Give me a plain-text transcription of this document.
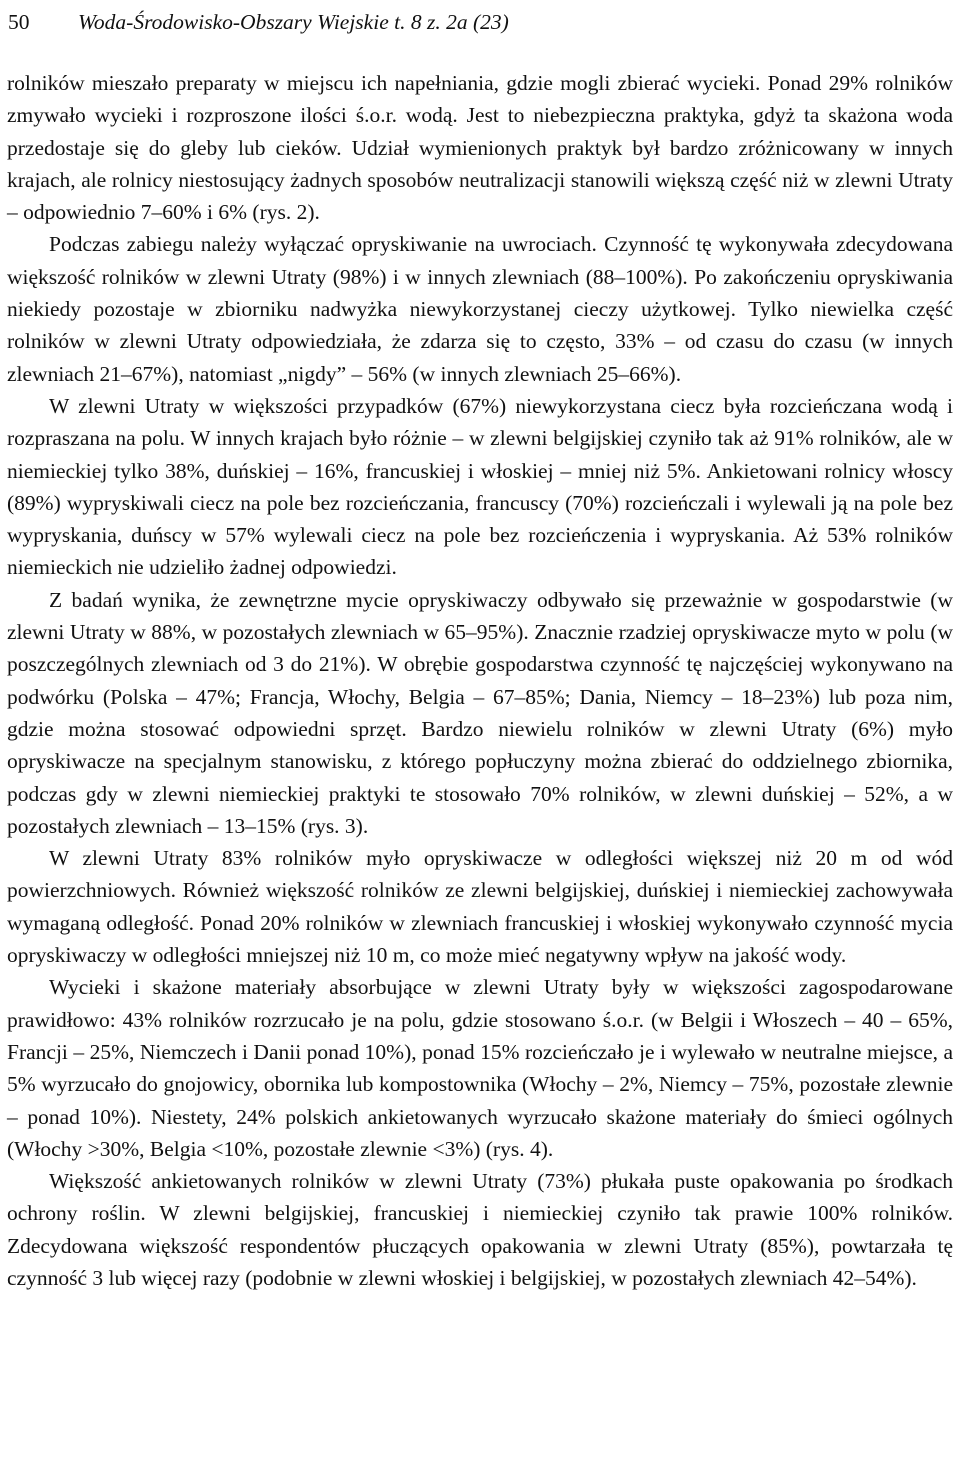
50 Woda-Środowisko-Obszary Wiejskie t. 8 z. 2a (23)

rolników mieszało preparaty w miejscu ich napełniania, gdzie mogli zbierać wycieki. Ponad 29% rolników zmywało wycieki i rozproszone ilości ś.o.r. wodą. Jest to niebezpieczna praktyka, gdyż ta skażona woda przedostaje się do gleby lub cieków. Udział wymienionych praktyk był bardzo zróżnicowany w innych krajach, ale rolnicy niestosujący żadnych sposobów neutralizacji stanowili większą część niż w zlewni Utraty – odpowiednio 7–60% i 6% (rys. 2).

Podczas zabiegu należy wyłączać opryskiwanie na uwrociach. Czynność tę wykonywała zdecydowana większość rolników w zlewni Utraty (98%) i w innych zlewniach (88–100%). Po zakończeniu opryskiwania niekiedy pozostaje w zbiorniku nadwyżka niewykorzystanej cieczy użytkowej. Tylko niewielka część rolników w zlewni Utraty odpowiedziała, że zdarza się to często, 33% – od czasu do czasu (w innych zlewniach 21–67%), natomiast „nigdy” – 56% (w innych zlewniach 25–66%).

W zlewni Utraty w większości przypadków (67%) niewykorzystana ciecz była rozcieńczana wodą i rozpraszana na polu. W innych krajach było różnie – w zlewni belgijskiej czyniło tak aż 91% rolników, ale w niemieckiej tylko 38%, duńskiej – 16%, francuskiej i włoskiej – mniej niż 5%. Ankietowani rolnicy włoscy (89%) wypryskiwali ciecz na pole bez rozcieńczania, francuscy (70%) rozcieńczali i wylewali ją na pole bez wypryskania, duńscy w 57% wylewali ciecz na pole bez rozcieńczenia i wypryskania. Aż 53% rolników niemieckich nie udzieliło żadnej odpowiedzi.

Z badań wynika, że zewnętrzne mycie opryskiwaczy odbywało się przeważnie w gospodarstwie (w zlewni Utraty w 88%, w pozostałych zlewniach w 65–95%). Znacznie rzadziej opryskiwacze myto w polu (w poszczególnych zlewniach od 3 do 21%). W obrębie gospodarstwa czynność tę najczęściej wykonywano na podwórku (Polska – 47%; Francja, Włochy, Belgia – 67–85%; Dania, Niemcy – 18–23%) lub poza nim, gdzie można stosować odpowiedni sprzęt. Bardzo niewielu rolników w zlewni Utraty (6%) myło opryskiwacze na specjalnym stanowisku, z którego popłuczyny można zbierać do oddzielnego zbiornika, podczas gdy w zlewni niemieckiej praktyki te stosowało 70% rolników, w zlewni duńskiej – 52%, a w pozostałych zlewniach – 13–15% (rys. 3).

W zlewni Utraty 83% rolników myło opryskiwacze w odległości większej niż 20 m od wód powierzchniowych. Również większość rolników ze zlewni belgijskiej, duńskiej i niemieckiej zachowywała wymaganą odległość. Ponad 20% rolników w zlewniach francuskiej i włoskiej wykonywało czynność mycia opryskiwaczy w odległości mniejszej niż 10 m, co może mieć negatywny wpływ na jakość wody.

Wycieki i skażone materiały absorbujące w zlewni Utraty były w większości zagospodarowane prawidłowo: 43% rolników rozrzucało je na polu, gdzie stosowano ś.o.r. (w Belgii i Włoszech – 40 – 65%, Francji – 25%, Niemczech i Danii ponad 10%), ponad 15% rozcieńczało je i wylewało w neutralne miejsce, a 5% wyrzucało do gnojowicy, obornika lub kompostownika (Włochy – 2%, Niemcy – 75%, pozostałe zlewnie – ponad 10%). Niestety, 24% polskich ankietowanych wyrzucało skażone materiały do śmieci ogólnych (Włochy >30%, Belgia <10%, pozostałe zlewnie <3%) (rys. 4).

Większość ankietowanych rolników w zlewni Utraty (73%) płukała puste opakowania po środkach ochrony roślin. W zlewni belgijskiej, francuskiej i niemieckiej czyniło tak prawie 100% rolników. Zdecydowana większość respondentów płuczących opakowania w zlewni Utraty (85%), powtarzała tę czynność 3 lub więcej razy (podobnie w zlewni włoskiej i belgijskiej, w pozostałych zlewniach 42–54%).
